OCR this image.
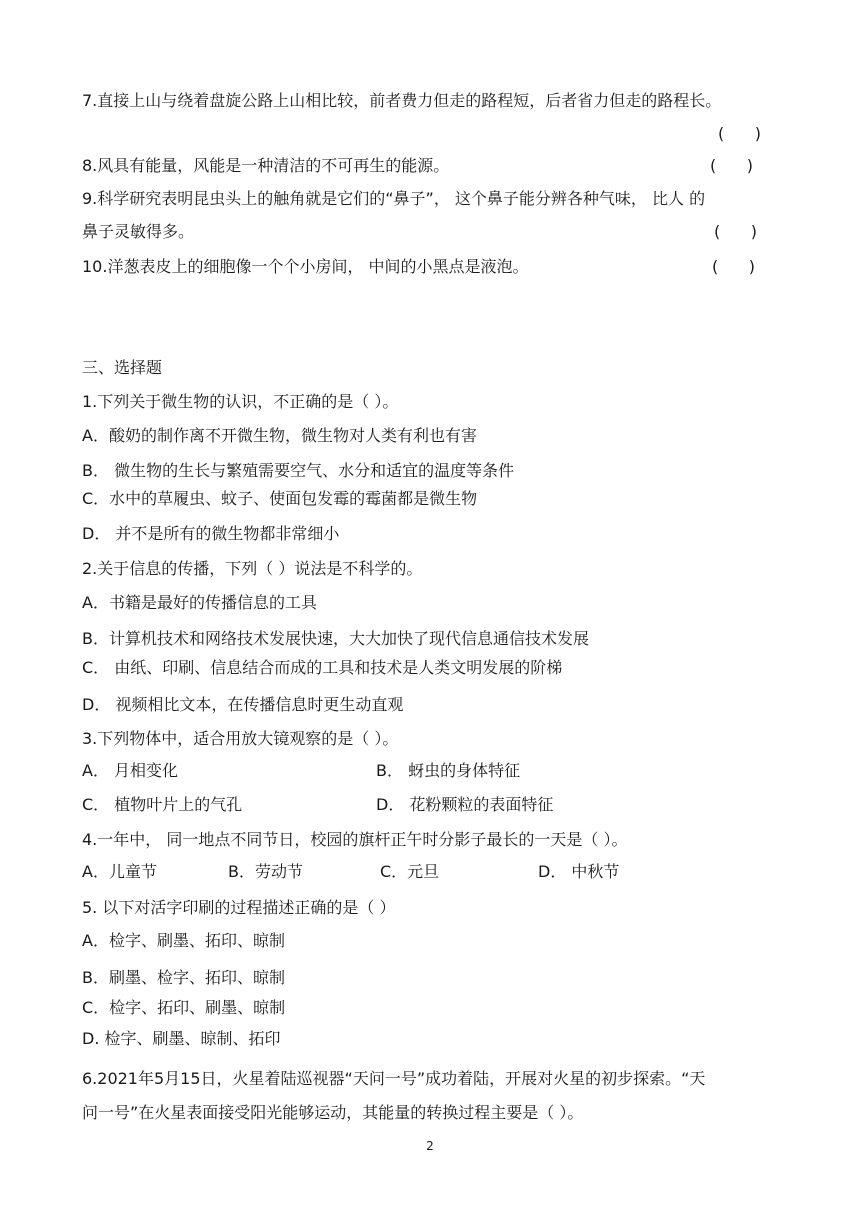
7.直接上山与绕着盘旋公路上山相比较，前者费力但走的路程短，后者省力但走的路程长。
(      )
8.风具有能量，风能是一种清洁的不可再生的能源。	(      )
9.科学研究表明昆虫头上的触角就是它们的“鼻子”， 这个鼻子能分辨各种气味， 比人 的
鼻子灵敏得多。	(      )
10.洋葱表皮上的细胞像一个个小房间， 中间的小黑点是液泡。	(      )
三、选择题
1.下列关于微生物的认识，不正确的是（ ）。
A．酸奶的制作离不开微生物，微生物对人类有利也有害
B． 微生物的生长与繁殖需要空气、水分和适宜的温度等条件
C．水中的草履虫、蚊子、使面包发霉的霉菌都是微生物
D． 并不是所有的微生物都非常细小
2.关于信息的传播，下列（ ）说法是不科学的。
A．书籍是最好的传播信息的工具
B．计算机技术和网络技术发展快速，大大加快了现代信息通信技术发展
C． 由纸、印刷、信息结合而成的工具和技术是人类文明发展的阶梯
D． 视频相比文本，在传播信息时更生动直观
3.下列物体中，适合用放大镜观察的是（ ）。
A． 月相变化	B． 蚜虫的身体特征
C． 植物叶片上的气孔	D． 花粉颗粒的表面特征
4.一年中， 同一地点不同节日，校园的旗杆正午时分影子最长的一天是（ ）。
A．儿童节	B．劳动节	C．元旦	D． 中秋节
5. 以下对活字印刷的过程描述正确的是（ ）
A．检字、刷墨、拓印、晾制
B．刷墨、检字、拓印、晾制
C．检字、拓印、刷墨、晾制
D. 检字、刷墨、晾制、拓印
6.2021年5月15日，火星着陆巡视器“天问一号”成功着陆，开展对火星的初步探索。“天
问一号”在火星表面接受阳光能够运动，其能量的转换过程主要是（ ）。
2
